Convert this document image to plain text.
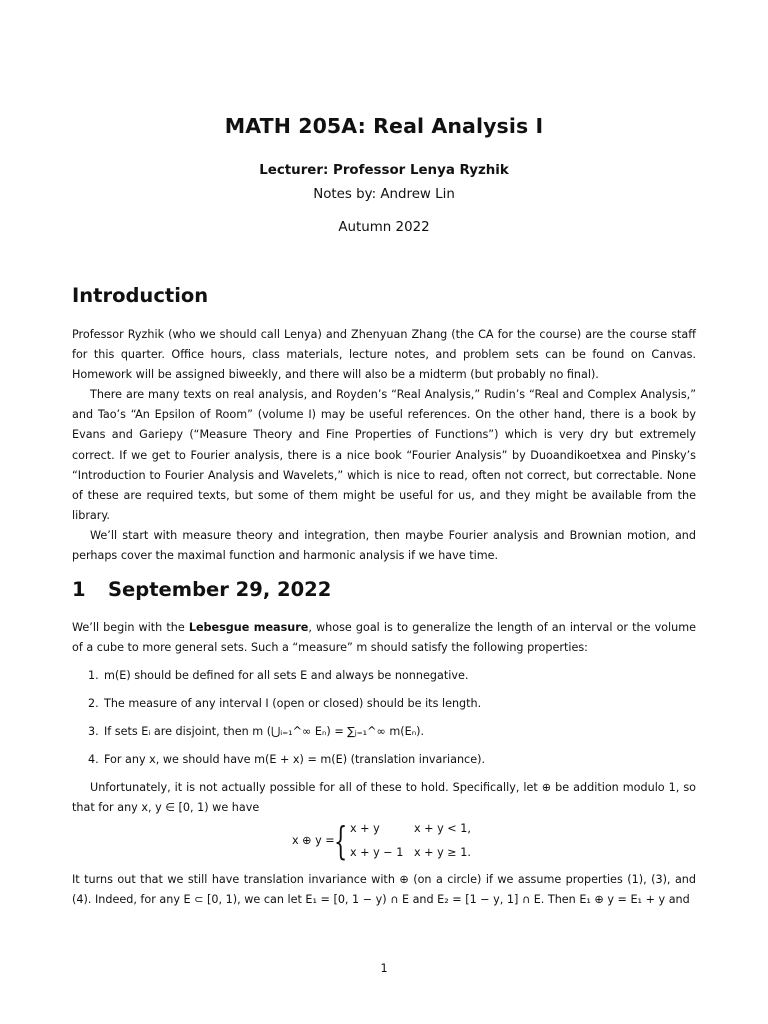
MATH 205A: Real Analysis I
Lecturer: Professor Lenya Ryzhik
Notes by: Andrew Lin
Autumn 2022
Introduction

Professor Ryzhik (who we should call Lenya) and Zhenyuan Zhang (the CA for the course) are the course staff for this quarter. Office hours, class materials, lecture notes, and problem sets can be found on Canvas. Homework will be assigned biweekly, and there will also be a midterm (but probably no final).

There are many texts on real analysis, and Royden’s “Real Analysis,” Rudin’s “Real and Complex Analysis,” and Tao’s “An Epsilon of Room” (volume I) may be useful references. On the other hand, there is a book by Evans and Gariepy (“Measure Theory and Fine Properties of Functions”) which is very dry but extremely correct. If we get to Fourier analysis, there is a nice book “Fourier Analysis” by Duoandikoetxea and Pinsky’s “Introduction to Fourier Analysis and Wavelets,” which is nice to read, often not correct, but correctable. None of these are required texts, but some of them might be useful for us, and they might be available from the library.

We’ll start with measure theory and integration, then maybe Fourier analysis and Brownian motion, and perhaps cover the maximal function and harmonic analysis if we have time.

1 September 29, 2022

We’ll begin with the Lebesgue measure, whose goal is to generalize the length of an interval or the volume of a cube to more general sets. Such a “measure” m should satisfy the following properties:

1. m(E) should be defined for all sets E and always be nonnegative.
2. The measure of any interval I (open or closed) should be its length.
3. If sets Eᵢ are disjoint, then m (⋃ᵢ₌₁^∞ Eₙ) = ∑ⱼ₌₁^∞ m(Eₙ).
4. For any x, we should have m(E + x) = m(E) (translation invariance).

Unfortunately, it is not actually possible for all of these to hold. Specifically, let ⊕ be addition modulo 1, so that for any x, y ∈ [0, 1) we have

x ⊕ y = { x + y	x + y < 1,
x + y − 1 x + y ≥ 1.

It turns out that we still have translation invariance with ⊕ (on a circle) if we assume properties (1), (3), and (4). Indeed, for any E ⊂ [0, 1), we can let E₁ = [0, 1 − y) ∩ E and E₂ = [1 − y, 1] ∩ E. Then E₁ ⊕ y = E₁ + y and

1
